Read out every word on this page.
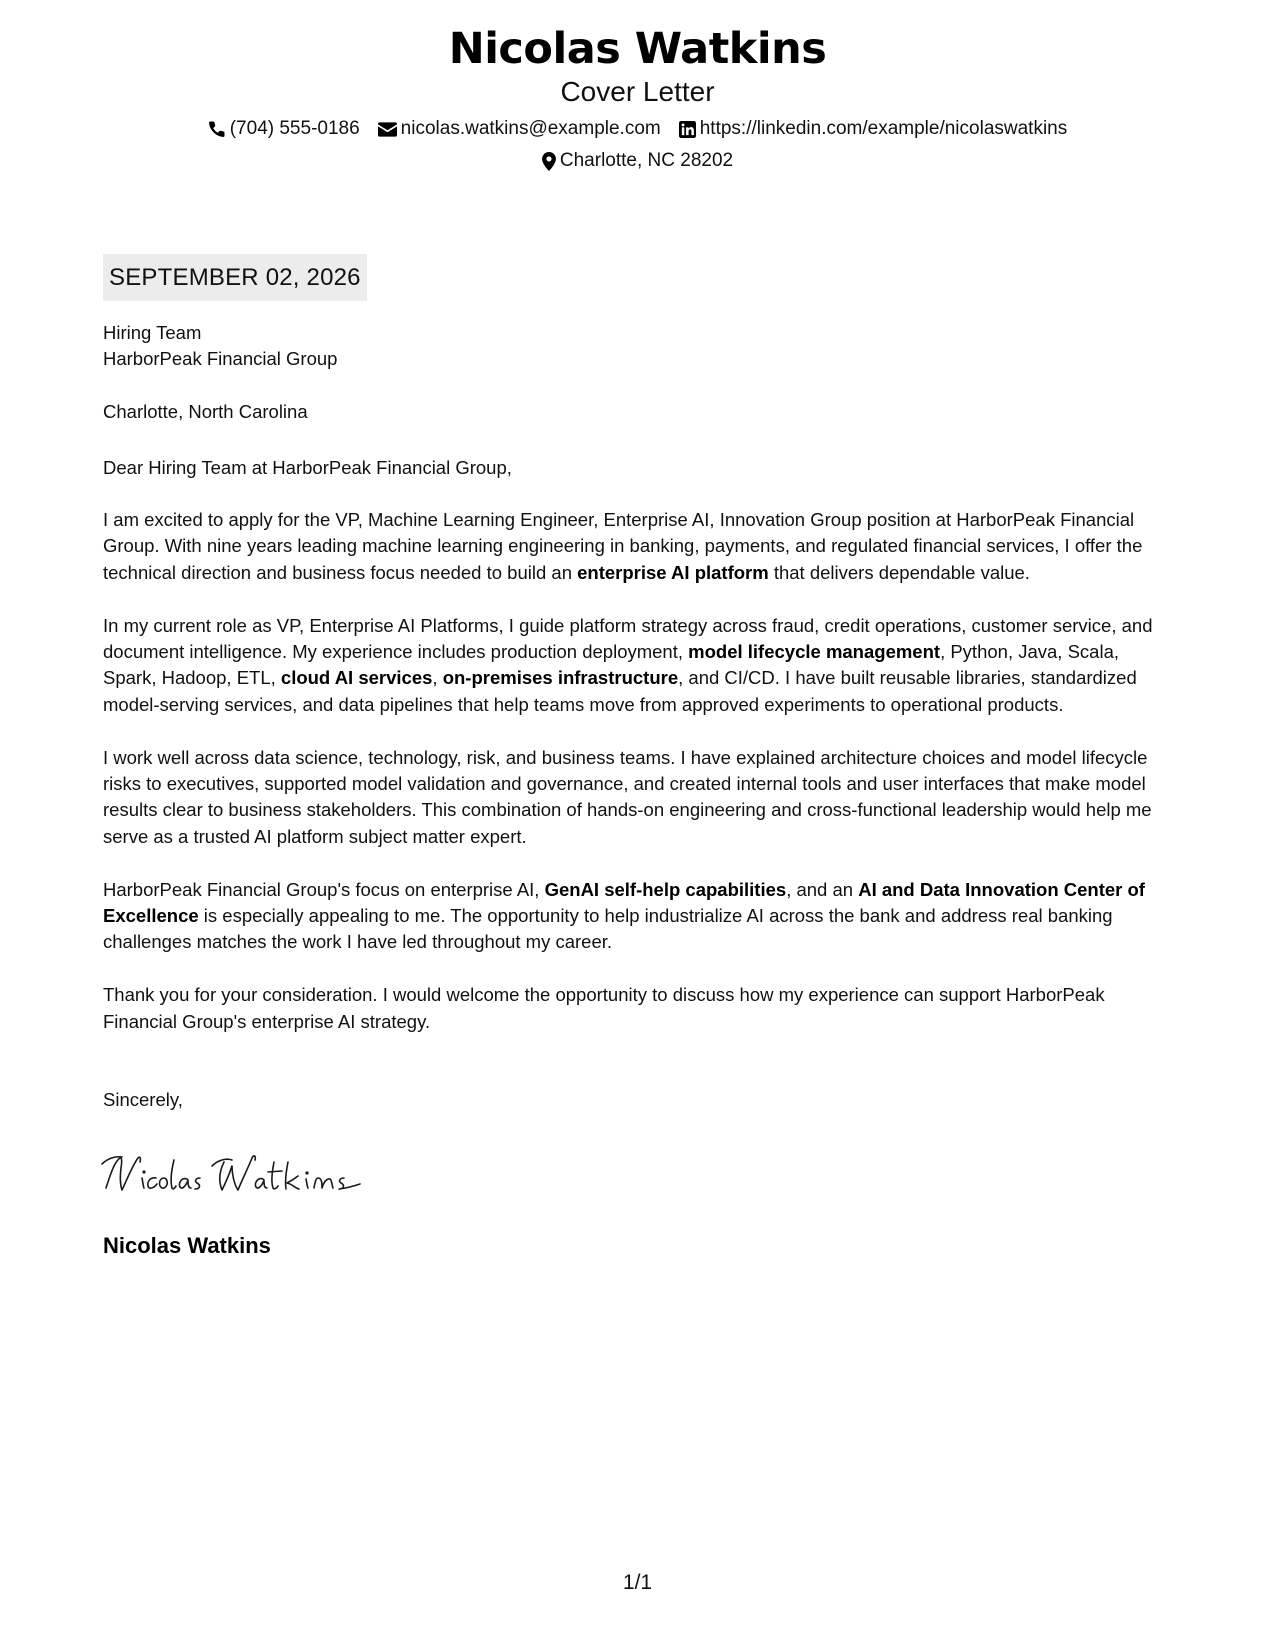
Nicolas Watkins
Cover Letter
(704) 555-0186 nicolas.watkins@example.com https://linkedin.com/example/nicolaswatkins
Charlotte, NC 28202
SEPTEMBER 02, 2026
Hiring Team
HarborPeak Financial Group
Charlotte, North Carolina
Dear Hiring Team at HarborPeak Financial Group,

I am excited to apply for the VP, Machine Learning Engineer, Enterprise AI, Innovation Group position at HarborPeak Financial Group. With nine years leading machine learning engineering in banking, payments, and regulated financial services, I offer the technical direction and business focus needed to build an enterprise AI platform that delivers dependable value.

In my current role as VP, Enterprise AI Platforms, I guide platform strategy across fraud, credit operations, customer service, and document intelligence. My experience includes production deployment, model lifecycle management, Python, Java, Scala, Spark, Hadoop, ETL, cloud AI services, on-premises infrastructure, and CI/CD. I have built reusable libraries, standardized model-serving services, and data pipelines that help teams move from approved experiments to operational products.

I work well across data science, technology, risk, and business teams. I have explained architecture choices and model lifecycle risks to executives, supported model validation and governance, and created internal tools and user interfaces that make model results clear to business stakeholders. This combination of hands-on engineering and cross-functional leadership would help me serve as a trusted AI platform subject matter expert.

HarborPeak Financial Group's focus on enterprise AI, GenAI self-help capabilities, and an AI and Data Innovation Center of Excellence is especially appealing to me. The opportunity to help industrialize AI across the bank and address real banking challenges matches the work I have led throughout my career.

Thank you for your consideration. I would welcome the opportunity to discuss how my experience can support HarborPeak Financial Group's enterprise AI strategy.

Sincerely,
Nicolas Watkins
1/1
